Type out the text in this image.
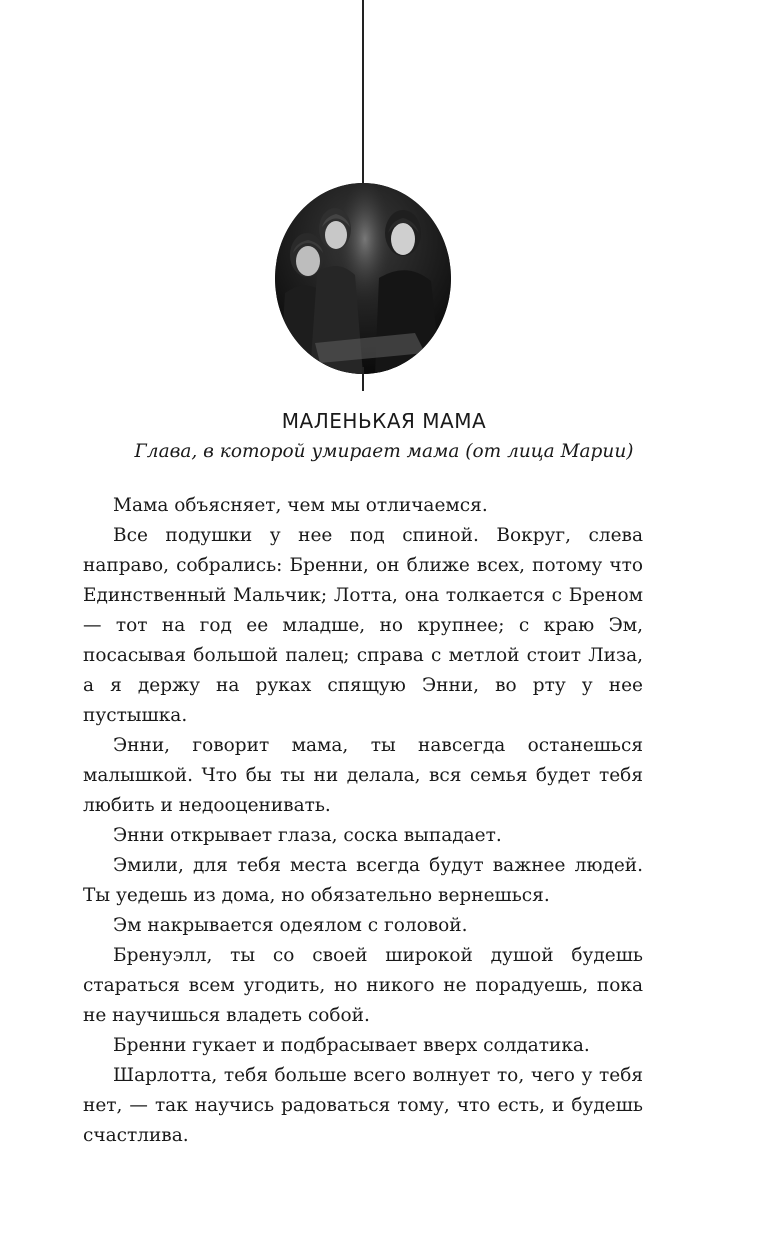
МАЛЕНЬКАЯ МАМА
Глава, в которой умирает мама (от лица Марии)

Мама объясняет, чем мы отличаемся.

Все подушки у нее под спиной. Вокруг, слева направо, собрались: Бренни, он ближе всех, потому что Единственный Мальчик; Лотта, она толкается с Бреном — тот на год ее младше, но крупнее; с краю Эм, посасывая большой палец; справа с метлой стоит Лиза, а я держу на руках спящую Энни, во рту у нее пустышка.

Энни, говорит мама, ты навсегда останешься малышкой. Что бы ты ни делала, вся семья будет тебя любить и недооценивать.

Энни открывает глаза, соска выпадает.

Эмили, для тебя места всегда будут важнее людей. Ты уедешь из дома, но обязательно вернешься.

Эм накрывается одеялом с головой.

Бренуэлл, ты со своей широкой душой будешь стараться всем угодить, но никого не порадуешь, пока не научишься владеть собой.

Бренни гукает и подбрасывает вверх солдатика.

Шарлотта, тебя больше всего волнует то, чего у тебя нет, — так научись радоваться тому, что есть, и будешь счастлива.
